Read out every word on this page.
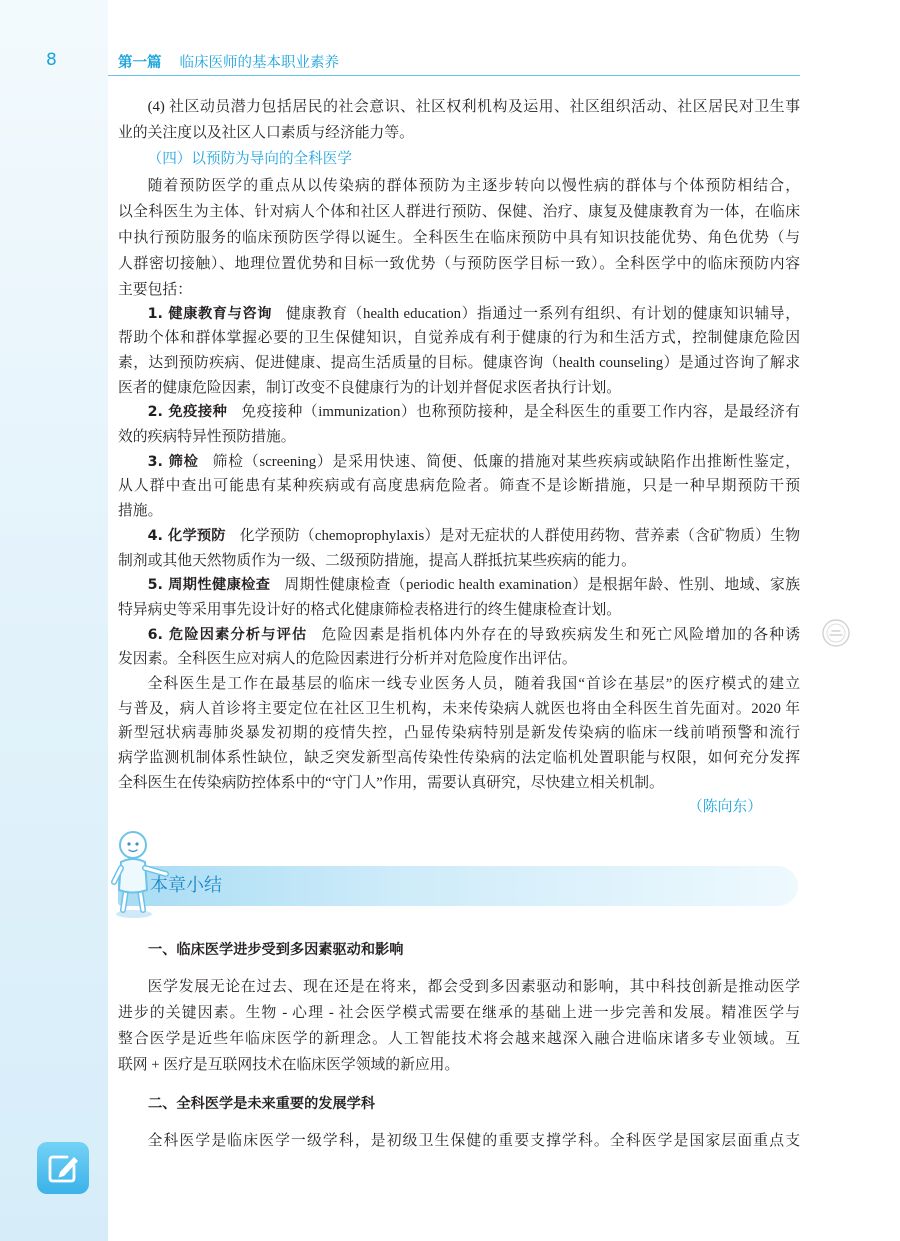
8	第一篇 临床医师的基本职业素养
(4) 社区动员潜力包括居民的社会意识、社区权利机构及运用、社区组织活动、社区居民对卫生事
业的关注度以及社区人口素质与经济能力等。
（四）以预防为导向的全科医学
随着预防医学的重点从以传染病的群体预防为主逐步转向以慢性病的群体与个体预防相结合，
以全科医生为主体、针对病人个体和社区人群进行预防、保健、治疗、康复及健康教育为一体，在临床
中执行预防服务的临床预防医学得以诞生。全科医生在临床预防中具有知识技能优势、角色优势（与
人群密切接触）、地理位置优势和目标一致优势（与预防医学目标一致）。全科医学中的临床预防内容
主要包括：
1. 健康教育与咨询 健康教育（health education）指通过一系列有组织、有计划的健康知识辅导，
帮助个体和群体掌握必要的卫生保健知识，自觉养成有利于健康的行为和生活方式，控制健康危险因
素，达到预防疾病、促进健康、提高生活质量的目标。健康咨询（health counseling）是通过咨询了解求
医者的健康危险因素，制订改变不良健康行为的计划并督促求医者执行计划。
2. 免疫接种 免疫接种（immunization）也称预防接种，是全科医生的重要工作内容，是最经济有
效的疾病特异性预防措施。
3. 筛检 筛检（screening）是采用快速、简便、低廉的措施对某些疾病或缺陷作出推断性鉴定，
从人群中查出可能患有某种疾病或有高度患病危险者。筛查不是诊断措施，只是一种早期预防干预
措施。
4. 化学预防 化学预防（chemoprophylaxis）是对无症状的人群使用药物、营养素（含矿物质）生物
制剂或其他天然物质作为一级、二级预防措施，提高人群抵抗某些疾病的能力。
5. 周期性健康检查 周期性健康检查（periodic health examination）是根据年龄、性别、地域、家族
特异病史等采用事先设计好的格式化健康筛检表格进行的终生健康检查计划。
6. 危险因素分析与评估 危险因素是指机体内外存在的导致疾病发生和死亡风险增加的各种诱
发因素。全科医生应对病人的危险因素进行分析并对危险度作出评估。
全科医生是工作在最基层的临床一线专业医务人员，随着我国“首诊在基层”的医疗模式的建立
与普及，病人首诊将主要定位在社区卫生机构，未来传染病人就医也将由全科医生首先面对。2020 年
新型冠状病毒肺炎暴发初期的疫情失控，凸显传染病特别是新发传染病的临床一线前哨预警和流行
病学监测机制体系性缺位，缺乏突发新型高传染性传染病的法定临机处置职能与权限，如何充分发挥
全科医生在传染病防控体系中的“守门人”作用，需要认真研究，尽快建立相关机制。
（陈向东）
本章小结
一、临床医学进步受到多因素驱动和影响
医学发展无论在过去、现在还是在将来，都会受到多因素驱动和影响，其中科技创新是推动医学
进步的关键因素。生物 - 心理 - 社会医学模式需要在继承的基础上进一步完善和发展。精准医学与
整合医学是近些年临床医学的新理念。人工智能技术将会越来越深入融合进临床诸多专业领域。互
联网 + 医疗是互联网技术在临床医学领域的新应用。
二、全科医学是未来重要的发展学科
全科医学是临床医学一级学科，是初级卫生保健的重要支撑学科。全科医学是国家层面重点支
